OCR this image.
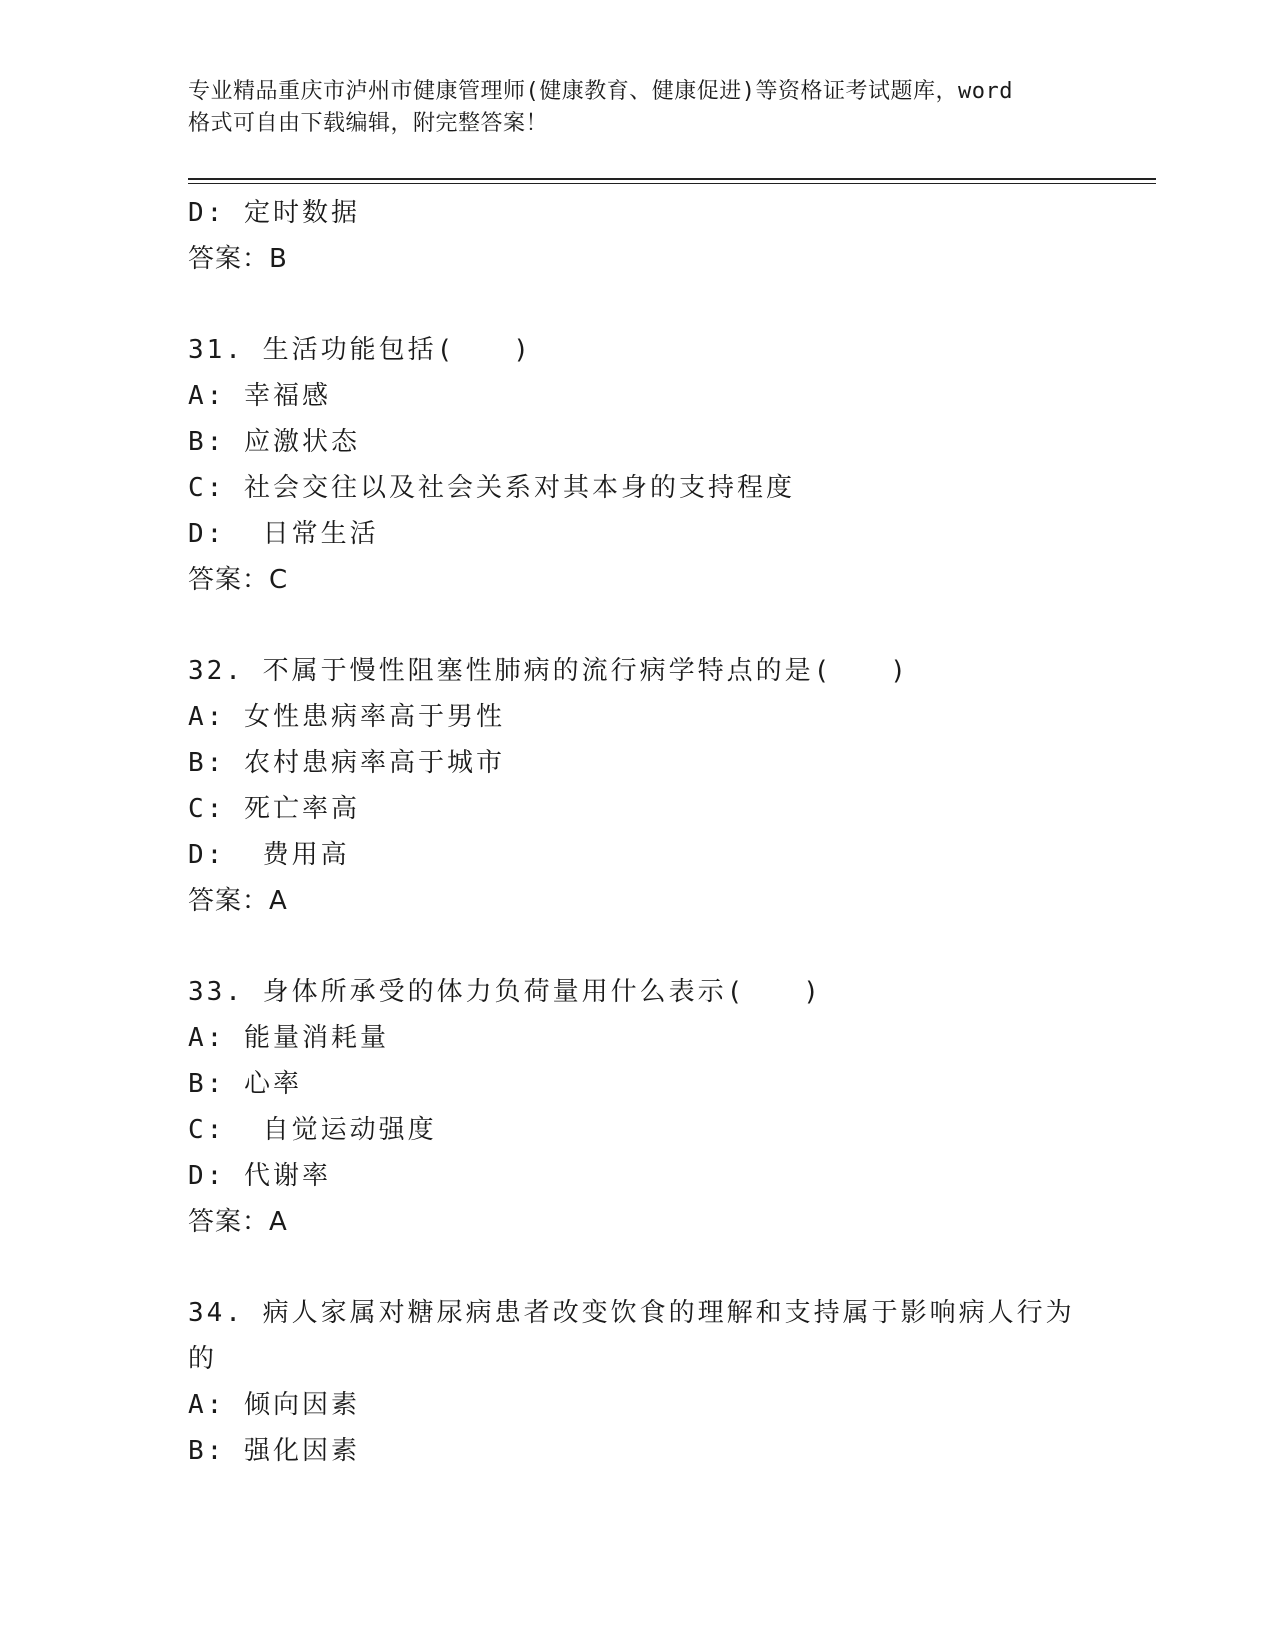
专业精品重庆市泸州市健康管理师(健康教育、健康促进)等资格证考试题库，word
格式可自由下载编辑，附完整答案！
D: 定时数据
答案：B
31. 生活功能包括(　　)
A: 幸福感
B: 应激状态
C: 社会交往以及社会关系对其本身的支持程度
D:  日常生活
答案：C
32. 不属于慢性阻塞性肺病的流行病学特点的是(　　)
A: 女性患病率高于男性
B: 农村患病率高于城市
C: 死亡率高
D:  费用高
答案：A
33. 身体所承受的体力负荷量用什么表示(　　)
A: 能量消耗量
B: 心率
C:  自觉运动强度
D: 代谢率
答案：A
34. 病人家属对糖尿病患者改变饮食的理解和支持属于影响病人行为
的
A: 倾向因素
B: 强化因素
